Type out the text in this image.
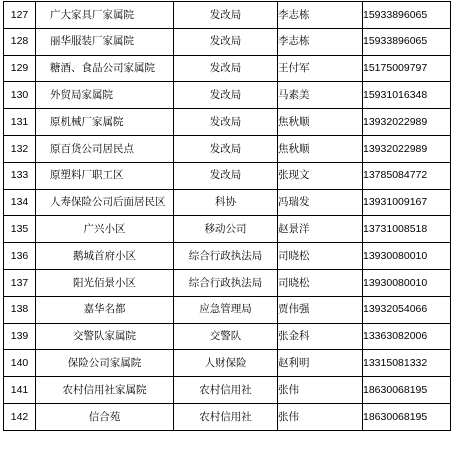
127	广大家具厂家属院	发改局	李志栋	15933896065
128	丽华服装厂家属院	发改局	李志栋	15933896065
129	糖酒、食品公司家属院	发改局	王付军	15175009797
130	外贸局家属院	发改局	马素美	15931016348
131	原机械厂家属院	发改局	焦秋顺	13932022989
132	原百货公司居民点	发改局	焦秋顺	13932022989
133	原塑料厂职工区	发改局	张现文	13785084772
134	人寿保险公司后面居民区	科协	冯瑞发	13931009167
135	广兴小区	移动公司	赵景洋	13731008518
136	鹅城首府小区	综合行政执法局	司晓松	13930080010
137	阳光佰景小区	综合行政执法局	司晓松	13930080010
138	嘉华名都	应急管理局	贾伟强	13932054066
139	交警队家属院	交警队	张金科	13363082006
140	保险公司家属院	人财保险	赵利明	13315081332
141	农村信用社家属院	农村信用社	张伟	18630068195
142	信合苑	农村信用社	张伟	18630068195
